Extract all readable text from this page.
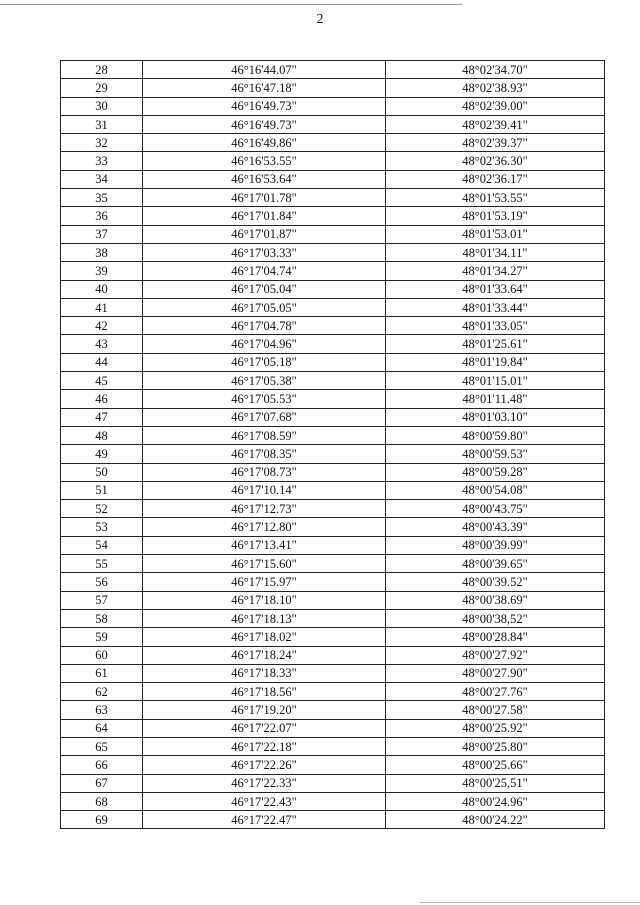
2
28	46°16'44.07"	48°02'34.70"
29	46°16'47.18"	48°02'38.93"
30	46°16'49.73"	48°02'39.00"
31	46°16'49.73"	48°02'39.41"
32	46°16'49.86"	48°02'39.37"
33	46°16'53.55"	48°02'36.30"
34	46°16'53.64"	48°02'36.17"
35	46°17'01.78"	48°01'53.55"
36	46°17'01.84"	48°01'53.19"
37	46°17'01.87"	48°01'53.01"
38	46°17'03.33"	48°01'34.11"
39	46°17'04.74"	48°01'34.27"
40	46°17'05.04"	48°01'33.64"
41	46°17'05.05"	48°01'33.44"
42	46°17'04.78"	48°01'33.05"
43	46°17'04.96"	48°01'25.61"
44	46°17'05.18"	48°01'19.84"
45	46°17'05.38"	48°01'15.01"
46	46°17'05.53"	48°01'11.48"
47	46°17'07.68"	48°01'03.10"
48	46°17'08.59"	48°00'59.80"
49	46°17'08.35"	48°00'59.53"
50	46°17'08.73"	48°00'59.28"
51	46°17'10.14"	48°00'54.08"
52	46°17'12.73"	48°00'43.75"
53	46°17'12.80"	48°00'43.39"
54	46°17'13.41"	48°00'39.99"
55	46°17'15.60"	48°00'39.65"
56	46°17'15.97"	48°00'39.52"
57	46°17'18.10"	48°00'38.69"
58	46°17'18.13"	48°00'38,52"
59	46°17'18.02"	48°00'28.84"
60	46°17'18.24"	48°00'27.92"
61	46°17'18.33"	48°00'27.90"
62	46°17'18.56"	48°00'27.76"
63	46°17'19.20"	48°00'27.58"
64	46°17'22.07"	48°00'25.92"
65	46°17'22.18"	48°00'25.80"
66	46°17'22.26"	48°00'25.66"
67	46°17'22.33"	48°00'25,51"
68	46°17'22.43"	48°00'24.96"
69	46°17'22.47"	48°00'24.22"
